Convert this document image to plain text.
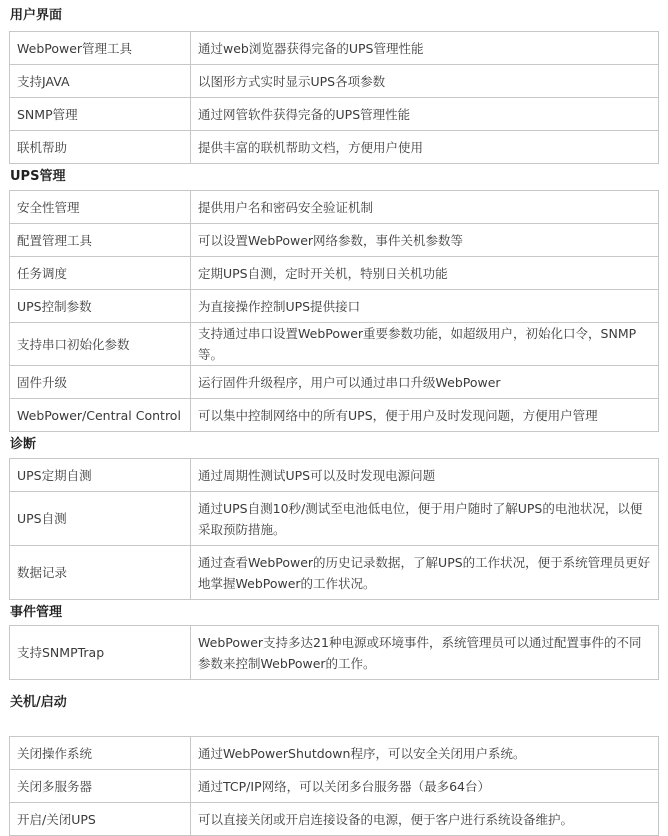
用户界面
WebPower管理工具	通过web浏览器获得完备的UPS管理性能
支持JAVA	以图形方式实时显示UPS各项参数
SNMP管理	通过网管软件获得完备的UPS管理性能
联机帮助	提供丰富的联机帮助文档，方便用户使用
UPS管理
安全性管理	提供用户名和密码安全验证机制
配置管理工具	可以设置WebPower网络参数，事件关机参数等
任务调度	定期UPS自测，定时开关机，特别日关机功能
UPS控制参数	为直接操作控制UPS提供接口
支持串口初始化参数	支持通过串口设置WebPower重要参数功能，如超级用户，初始化口令，SNMP等。
固件升级	运行固件升级程序，用户可以通过串口升级WebPower
WebPower/Central Control	可以集中控制网络中的所有UPS，便于用户及时发现问题，方便用户管理
诊断
UPS定期自测	通过周期性测试UPS可以及时发现电源问题
UPS自测	通过UPS自测10秒/测试至电池低电位，便于用户随时了解UPS的电池状况，以便采取预防措施。
数据记录	通过查看WebPower的历史记录数据，了解UPS的工作状况，便于系统管理员更好地掌握WebPower的工作状况。
事件管理
支持SNMPTrap	WebPower支持多达21种电源或环境事件，系统管理员可以通过配置事件的不同参数来控制WebPower的工作。
关机/启动
关闭操作系统	通过WebPowerShutdown程序，可以安全关闭用户系统。
关闭多服务器	通过TCP/IP网络，可以关闭多台服务器（最多64台）
开启/关闭UPS	可以直接关闭或开启连接设备的电源，便于客户进行系统设备维护。
